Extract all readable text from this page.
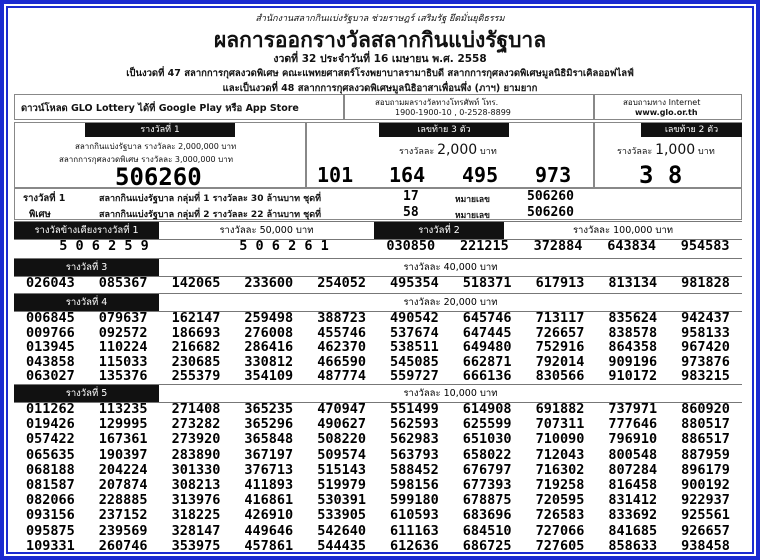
สำนักงานสลากกินแบ่งรัฐบาล ช่วยราษฎร์ เสริมรัฐ ยึดมั่นยุติธรรม
ผลการออกรางวัลสลากกินแบ่งรัฐบาล
งวดที่ 32 ประจำวันที่ 16 เมษายน พ.ศ. 2558
เป็นงวดที่ 47 สลากการกุศลงวดพิเศษ คณะแพทยศาสตร์โรงพยาบาลรามาธิบดี สลากการกุศลงวดพิเศษมูลนิธิมิราเคิลออฟไลฟ์
และเป็นงวดที่ 48 สลากการกุศลงวดพิเศษมูลนิธิอาสาเพื่อนพึ่ง (ภาฯ) ยามยาก
ดาวน์โหลด GLO Lottery ได้ที่ Google Play หรือ App Store
สอบถามผลรางวัลทางโทรศัพท์ โทร.
1900-1900-10 , 0-2528-8899
สอบถามทาง Internet
www.glo.or.th
รางวัลที่ 1
สลากกินแบ่งรัฐบาล รางวัลละ 2,000,000 บาท
สลากการกุศลงวดพิเศษ รางวัลละ 3,000,000 บาท
506260
เลขท้าย 3 ตัว
รางวัลละ 2,000 บาท
101 164 495 973
เลขท้าย 2 ตัว
รางวัลละ 1,000 บาท
3 8
รางวัลที่ 1
พิเศษ
สลากกินแบ่งรัฐบาล กลุ่มที่ 1 รางวัลละ 30 ล้านบาท ชุดที่	17	หมายเลข	506260
สลากกินแบ่งรัฐบาล กลุ่มที่ 2 รางวัลละ 22 ล้านบาท ชุดที่	58	หมายเลข	506260
รางวัลข้างเคียงรางวัลที่ 1	รางวัลละ 50,000 บาท	รางวัลที่ 2	รางวัลละ 100,000 บาท
5 0 6 2 5 9	5 0 6 2 6 1	030850	221215	372884	643834	954583
รางวัลที่ 3	รางวัลละ 40,000 บาท
026043	085367	142065	233600	254052	495354	518371	617913	813134	981828
รางวัลที่ 4	รางวัลละ 20,000 บาท
006845	079637	162147	259498	388723	490542	645746	713117	835624	942437
009766	092572	186693	276008	455746	537674	647445	726657	838578	958133
013945	110224	216682	286416	462370	538511	649480	752916	864358	967420
043858	115033	230685	330812	466590	545085	662871	792014	909196	973876
063027	135376	255379	354109	487774	559727	666136	830566	910172	983215
รางวัลที่ 5	รางวัลละ 10,000 บาท
011262	113235	271408	365235	470947	551499	614908	691882	737971	860920
019426	129995	273282	365296	490627	562593	625599	707311	777646	880517
057422	167361	273920	365848	508220	562983	651030	710090	796910	886517
065635	190397	283890	367197	509574	563793	658022	712043	800548	887959
068188	204224	301330	376713	515143	588452	676797	716302	807284	896179
081587	207874	308213	411893	519979	598156	677393	719258	816458	900192
082066	228885	313976	416861	530391	599180	678875	720595	831412	922937
093156	237152	318225	426910	533905	610593	683696	726583	833692	925561
095875	239569	328147	449646	542640	611163	684510	727066	841685	926657
109331	260746	353975	457861	544435	612636	686725	727605	858633	938458
